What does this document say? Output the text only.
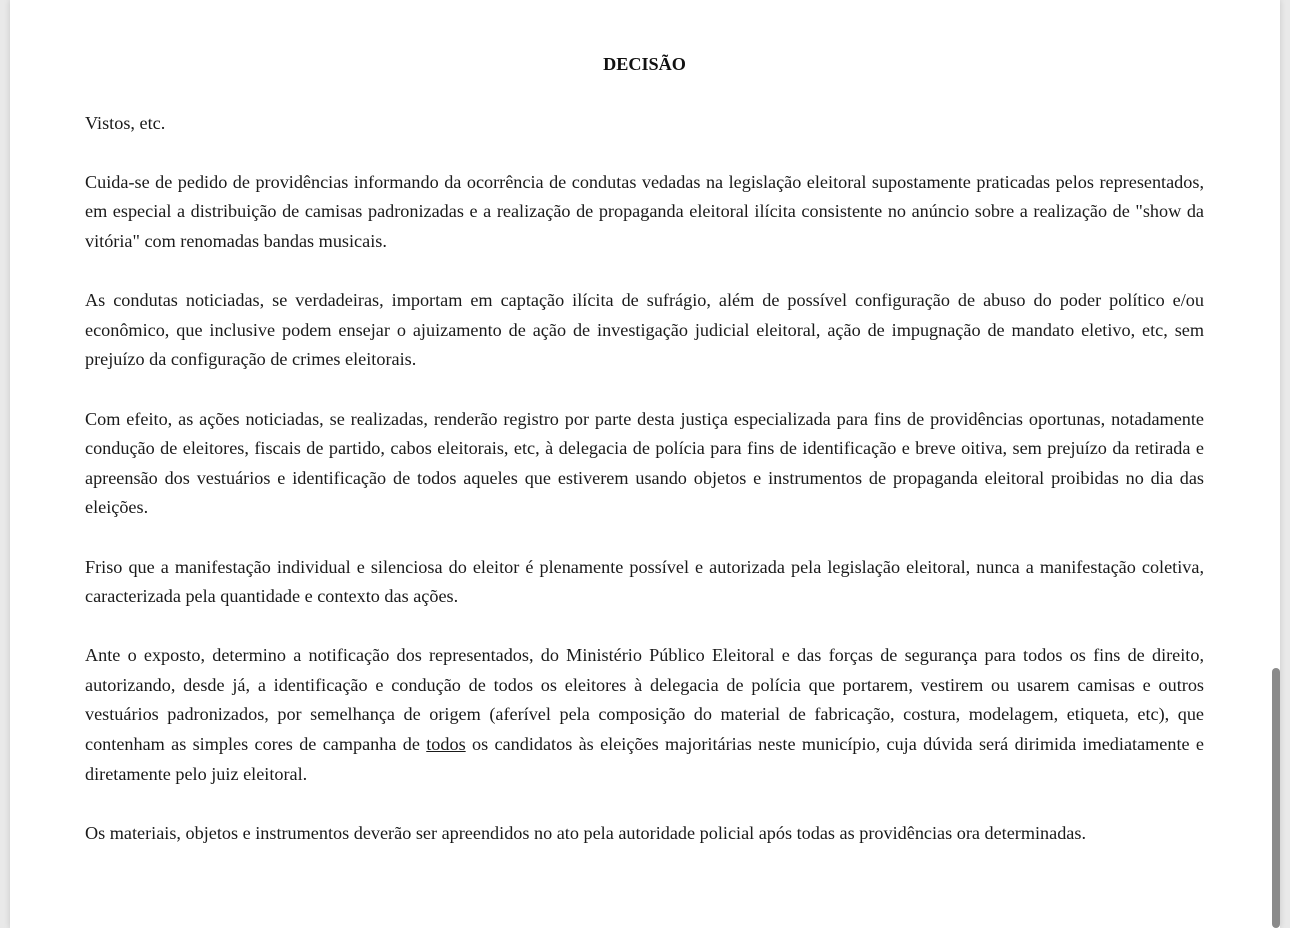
DECISÃO

Vistos, etc.

Cuida-se de pedido de providências informando da ocorrência de condutas vedadas na legislação eleitoral supostamente praticadas pelos representados, em especial a distribuição de camisas padronizadas e a realização de propaganda eleitoral ilícita consistente no anúncio sobre a realização de "show da vitória" com renomadas bandas musicais.

As condutas noticiadas, se verdadeiras, importam em captação ilícita de sufrágio, além de possível configuração de abuso do poder político e/ou econômico, que inclusive podem ensejar o ajuizamento de ação de investigação judicial eleitoral, ação de impugnação de mandato eletivo, etc, sem prejuízo da configuração de crimes eleitorais.

Com efeito, as ações noticiadas, se realizadas, renderão registro por parte desta justiça especializada para fins de providências oportunas, notadamente condução de eleitores, fiscais de partido, cabos eleitorais, etc, à delegacia de polícia para fins de identificação e breve oitiva, sem prejuízo da retirada e apreensão dos vestuários e identificação de todos aqueles que estiverem usando objetos e instrumentos de propaganda eleitoral proibidas no dia das eleições.

Friso que a manifestação individual e silenciosa do eleitor é plenamente possível e autorizada pela legislação eleitoral, nunca a manifestação coletiva, caracterizada pela quantidade e contexto das ações.

Ante o exposto, determino a notificação dos representados, do Ministério Público Eleitoral e das forças de segurança para todos os fins de direito, autorizando, desde já, a identificação e condução de todos os eleitores à delegacia de polícia que portarem, vestirem ou usarem camisas e outros vestuários padronizados, por semelhança de origem (aferível pela composição do material de fabricação, costura, modelagem, etiqueta, etc), que contenham as simples cores de campanha de todos os candidatos às eleições majoritárias neste município, cuja dúvida será dirimida imediatamente e diretamente pelo juiz eleitoral.

Os materiais, objetos e instrumentos deverão ser apreendidos no ato pela autoridade policial após todas as providências ora determinadas.
